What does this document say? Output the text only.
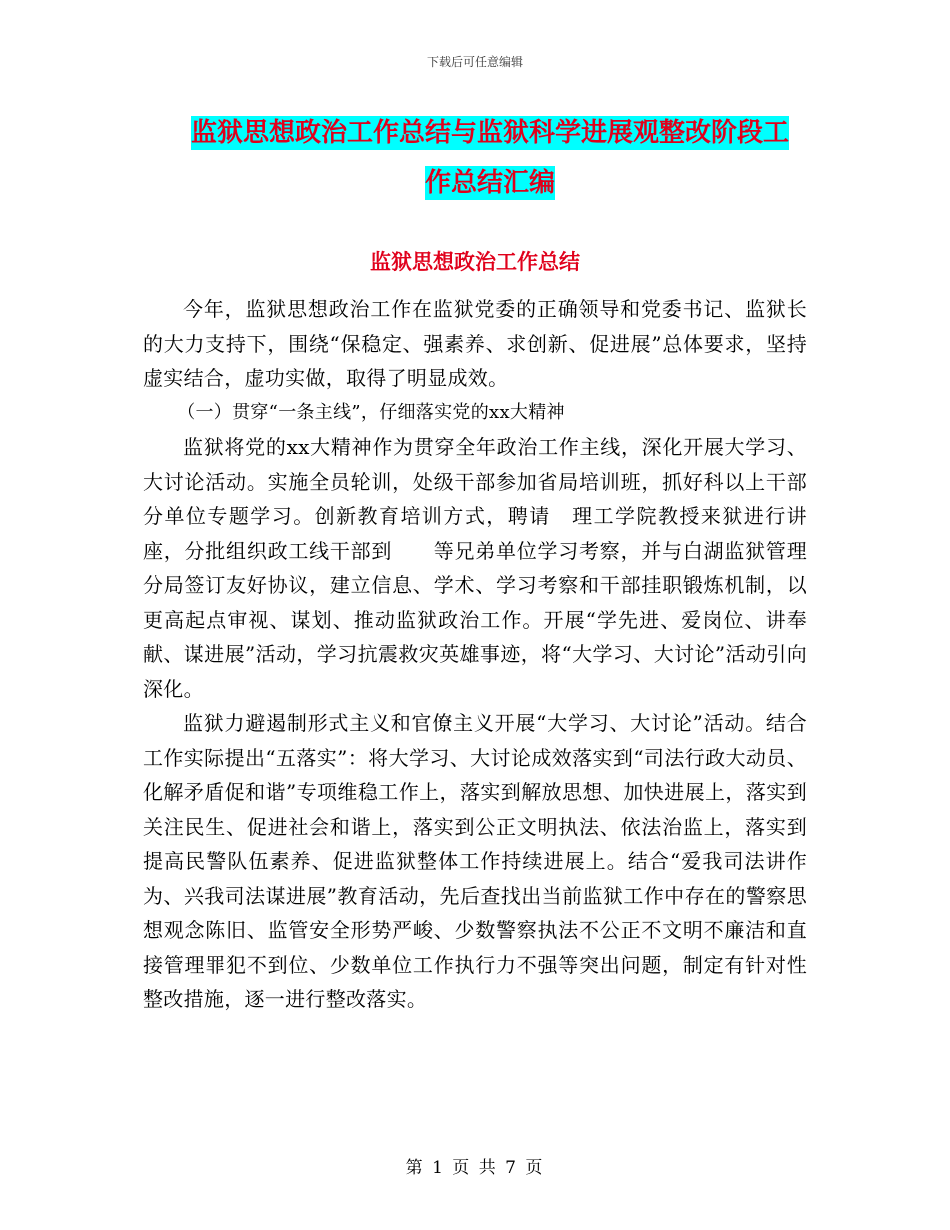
下载后可任意编辑
监狱思想政治工作总结与监狱科学进展观整改阶段工
作总结汇编
监狱思想政治工作总结

今年，监狱思想政治工作在监狱党委的正确领导和党委书记、监狱长的大力支持下，围绕“保稳定、强素养、求创新、促进展”总体要求，坚持虚实结合，虚功实做，取得了明显成效。

（一）贯穿“一条主线”，仔细落实党的xx大精神

监狱将党的xx大精神作为贯穿全年政治工作主线，深化开展大学习、大讨论活动。实施全员轮训，处级干部参加省局培训班，抓好科以上干部分单位专题学习。创新教育培训方式，聘请　理工学院教授来狱进行讲座，分批组织政工线干部到　　等兄弟单位学习考察，并与白湖监狱管理分局签订友好协议，建立信息、学术、学习考察和干部挂职锻炼机制，以更高起点审视、谋划、推动监狱政治工作。开展“学先进、爱岗位、讲奉献、谋进展”活动，学习抗震救灾英雄事迹，将“大学习、大讨论”活动引向深化。

监狱力避遏制形式主义和官僚主义开展“大学习、大讨论”活动。结合工作实际提出“五落实”：将大学习、大讨论成效落实到“司法行政大动员、化解矛盾促和谐”专项维稳工作上，落实到解放思想、加快进展上，落实到关注民生、促进社会和谐上，落实到公正文明执法、依法治监上，落实到提高民警队伍素养、促进监狱整体工作持续进展上。结合“爱我司法讲作为、兴我司法谋进展”教育活动，先后查找出当前监狱工作中存在的警察思想观念陈旧、监管安全形势严峻、少数警察执法不公正不文明不廉洁和直接管理罪犯不到位、少数单位工作执行力不强等突出问题，制定有针对性整改措施，逐一进行整改落实。

第 1 页 共 7 页
